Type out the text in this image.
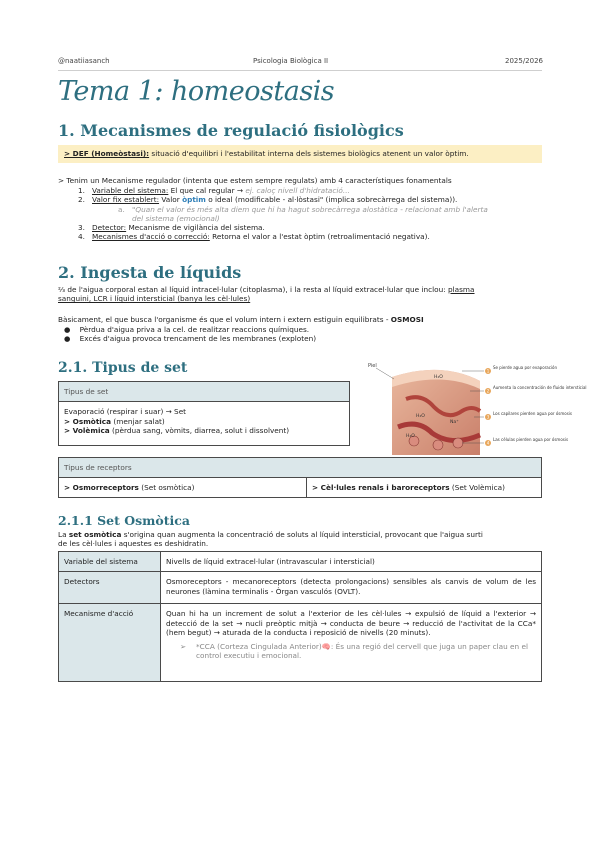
@naatiiasanch	Psicologia Biològica II	2025/2026
Tema 1: homeostasis
1. Mecanismes de regulació fisiològics
> DEF (Homeòstasi): situació d'equilibri i l'estabilitat interna dels sistemes biològics atenent un valor òptim.
> Tenim un Mecanisme regulador (intenta que estem sempre regulats) amb 4 característiques fonamentals
1. Variable del sistema: El que cal regular → ej. caloç nivell d'hidratació...
2. Valor fix establert: Valor òptim o ideal (modificable - al·lòstasi" (implica sobrecàrrega del sistema)).
a. "Quan el valor és més alta diem que hi ha hagut sobrecàrrega alostàtica - relacionat amb l'alerta
del sistema (emocional)
3. Detector: Mecanisme de vigilància del sistema.
4. Mecanismes d'acció o correcció: Retorna el valor a l'estat òptim (retroalimentació negativa).
2. Ingesta de líquids
⅔ de l'aigua corporal estan al líquid intracel·lular (citoplasma), i la resta al líquid extracel·lular que inclou: plasma
sanguini, LCR i líquid intersticial (banya les cèl·lules)
Bàsicament, el que busca l'organisme és que el volum intern i extern estiguin equilibrats - OSMOSI
●    Pèrdua d'aigua priva a la cel. de realitzar reaccions químiques.
●    Excés d'aigua provoca trencament de les membranes (exploten)
2.1. Tipus de set
Tipus de set

Evaporació (respirar i suar) → Set
> Osmòtica (menjar salat)
> Volèmica (pèrdua sang, vòmits, diarrea, solut i dissolvent)
H₂O
H₂O
Na⁺
H₂O
Piel
1
Se pierde agua por evaporación
2
Aumenta la concentración de fluido intersticial
3
Los capilares pierden agua por ósmosis
4
Las células pierden agua por ósmosis
Tipus de receptors
> Osmorreceptors (Set osmòtica)	> Cèl·lules renals i baroreceptors (Set Volèmica)
2.1.1 Set Osmòtica
La set osmòtica s'origina quan augmenta la concentració de soluts al líquid intersticial, provocant que l'aigua surti
de les cèl·lules i aquestes es deshidratin.
Variable del sistema	Nivells de líquid extracel·lular (intravascular i intersticial)
Detectors	Osmoreceptors - mecanoreceptors (detecta prolongacions) sensibles als canvis de volum de les neurones (làmina terminalis - Òrgan vasculós (OVLT).
Mecanisme d'acció	Quan hi ha un increment de solut a l'exterior de les cèl·lules → expulsió de líquid a l'exterior → detecció de la set → nucli preòptic mitjà → conducta de beure → reducció de l'activitat de la CCa* (hem begut) → aturada de la conducta i reposició de nivells (20 minuts).
➢ *CCA (Corteza Cingulada Anterior)🧠: És una regió del cervell que juga un paper clau en el control executiu i emocional.
